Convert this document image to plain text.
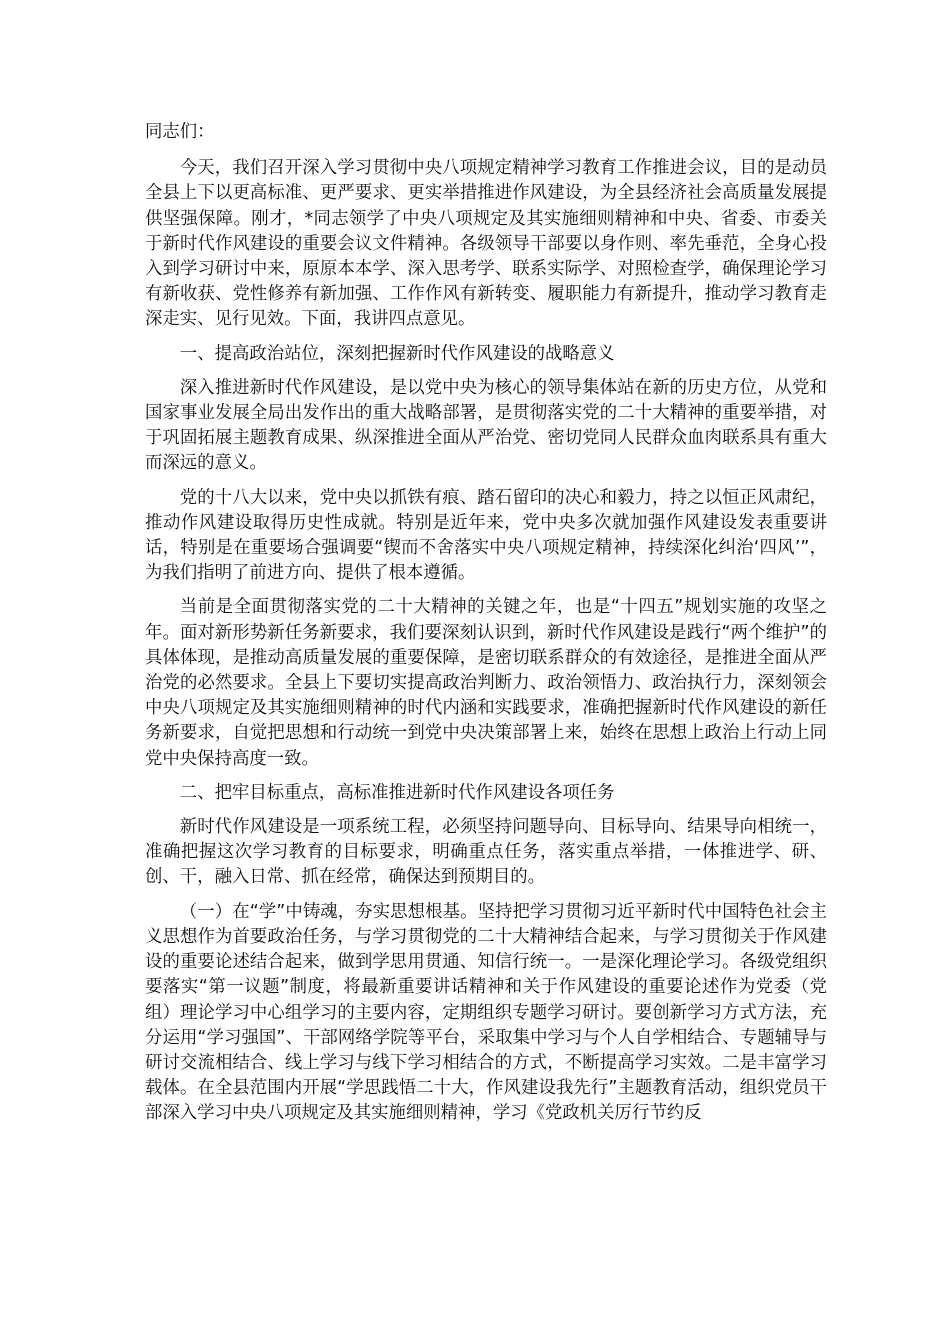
同志们：

今天，我们召开深入学习贯彻中央八项规定精神学习教育工作推进会议，目的是动员全县上下以更高标准、更严要求、更实举措推进作风建设，为全县经济社会高质量发展提供坚强保障。刚才，*同志领学了中央八项规定及其实施细则精神和中央、省委、市委关于新时代作风建设的重要会议文件精神。各级领导干部要以身作则、率先垂范，全身心投入到学习研讨中来，原原本本学、深入思考学、联系实际学、对照检查学，确保理论学习有新收获、党性修养有新加强、工作作风有新转变、履职能力有新提升，推动学习教育走深走实、见行见效。下面，我讲四点意见。

一、提高政治站位，深刻把握新时代作风建设的战略意义

深入推进新时代作风建设，是以党中央为核心的领导集体站在新的历史方位，从党和国家事业发展全局出发作出的重大战略部署，是贯彻落实党的二十大精神的重要举措，对于巩固拓展主题教育成果、纵深推进全面从严治党、密切党同人民群众血肉联系具有重大而深远的意义。

党的十八大以来，党中央以抓铁有痕、踏石留印的决心和毅力，持之以恒正风肃纪，推动作风建设取得历史性成就。特别是近年来，党中央多次就加强作风建设发表重要讲话，特别是在重要场合强调要“锲而不舍落实中央八项规定精神，持续深化纠治‘四风’”，为我们指明了前进方向、提供了根本遵循。

当前是全面贯彻落实党的二十大精神的关键之年，也是“十四五”规划实施的攻坚之年。面对新形势新任务新要求，我们要深刻认识到，新时代作风建设是践行“两个维护”的具体体现，是推动高质量发展的重要保障，是密切联系群众的有效途径，是推进全面从严治党的必然要求。全县上下要切实提高政治判断力、政治领悟力、政治执行力，深刻领会中央八项规定及其实施细则精神的时代内涵和实践要求，准确把握新时代作风建设的新任务新要求，自觉把思想和行动统一到党中央决策部署上来，始终在思想上政治上行动上同党中央保持高度一致。

二、把牢目标重点，高标准推进新时代作风建设各项任务

新时代作风建设是一项系统工程，必须坚持问题导向、目标导向、结果导向相统一，准确把握这次学习教育的目标要求，明确重点任务，落实重点举措，一体推进学、研、创、干，融入日常、抓在经常，确保达到预期目的。

（一）在“学”中铸魂，夯实思想根基。坚持把学习贯彻习近平新时代中国特色社会主义思想作为首要政治任务，与学习贯彻党的二十大精神结合起来，与学习贯彻关于作风建设的重要论述结合起来，做到学思用贯通、知信行统一。一是深化理论学习。各级党组织要落实“第一议题”制度，将最新重要讲话精神和关于作风建设的重要论述作为党委（党组）理论学习中心组学习的主要内容，定期组织专题学习研讨。要创新学习方式方法，充分运用“学习强国”、干部网络学院等平台，采取集中学习与个人自学相结合、专题辅导与研讨交流相结合、线上学习与线下学习相结合的方式，不断提高学习实效。二是丰富学习载体。在全县范围内开展“学思践悟二十大，作风建设我先行”主题教育活动，组织党员干部深入学习中央八项规定及其实施细则精神，学习《党政机关厉行节约反
